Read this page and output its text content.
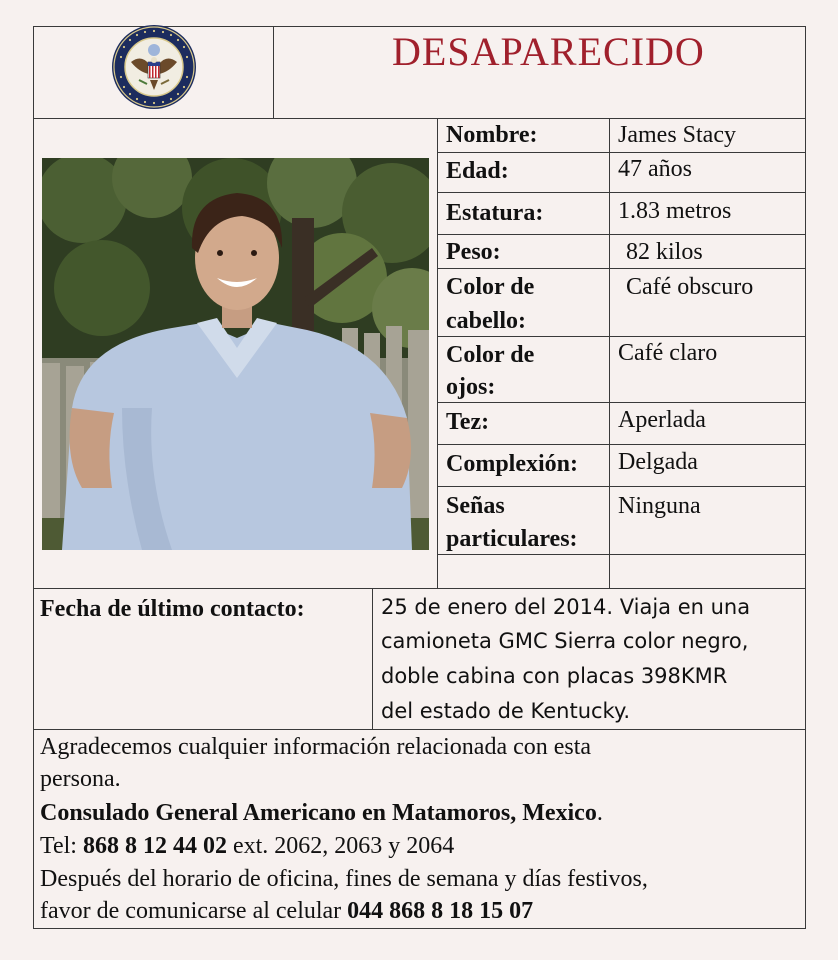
DESAPARECIDO
Nombre:	James Stacy
Edad:	47 años
Estatura:	1.83 metros
Peso:	82 kilos
Color de
cabello:
Café obscuro
Color de
ojos:
Café claro
Tez:	Aperlada
Complexión: Delgada
Señas
particulares:
Ninguna
Fecha de último contacto:	25 de enero del 2014. Viaja en una
camioneta GMC Sierra color negro,
doble cabina con placas 398KMR
del estado de Kentucky.
Agradecemos cualquier información relacionada con esta
persona.
Consulado General Americano en Matamoros, Mexico.
Tel: 868 8 12 44 02 ext. 2062, 2063 y 2064
Después del horario de oficina, fines de semana y días festivos,
favor de comunicarse al celular 044 868 8 18 15 07
